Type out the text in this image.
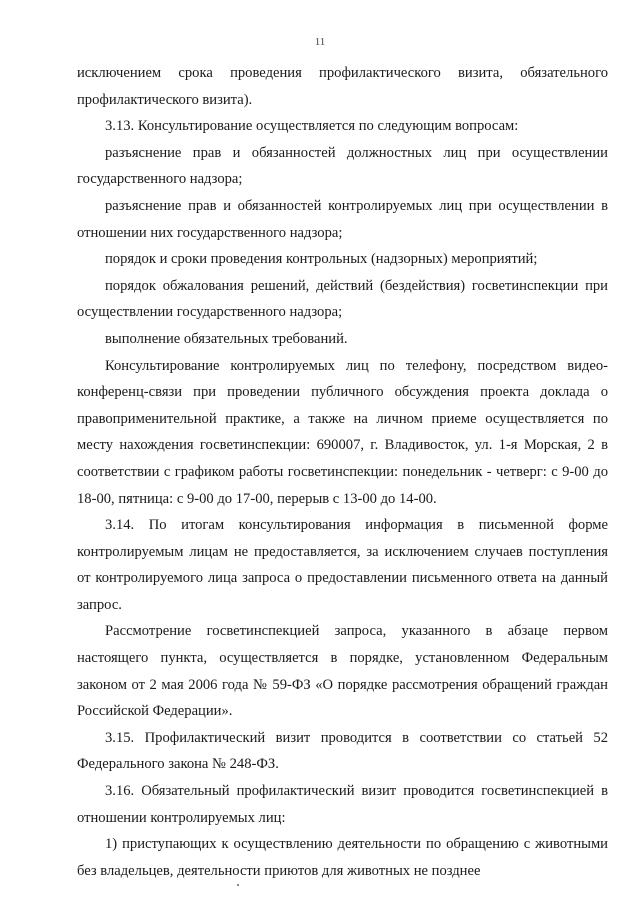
11

исключением срока проведения профилактического визита, обязательного профилактического визита).

3.13. Консультирование осуществляется по следующим вопросам:

разъяснение прав и обязанностей должностных лиц при осуществлении государственного надзора;

разъяснение прав и обязанностей контролируемых лиц при осуществлении в отношении них государственного надзора;

порядок и сроки проведения контрольных (надзорных) мероприятий;

порядок обжалования решений, действий (бездействия) госветинспекции при осуществлении государственного надзора;

выполнение обязательных требований.

Консультирование контролируемых лиц по телефону, посредством видео-конференц-связи при проведении публичного обсуждения проекта доклада о правоприменительной практике, а также на личном приеме осуществляется по месту нахождения госветинспекции: 690007, г. Владивосток, ул. 1-я Морская, 2 в соответствии с графиком работы госветинспекции: понедельник - четверг: с 9-00 до 18-00, пятница: с 9-00 до 17-00, перерыв с 13-00 до 14-00.

3.14. По итогам консультирования информация в письменной форме контролируемым лицам не предоставляется, за исключением случаев поступления от контролируемого лица запроса о предоставлении письменного ответа на данный запрос.

Рассмотрение госветинспекцией запроса, указанного в абзаце первом настоящего пункта, осуществляется в порядке, установленном Федеральным законом от 2 мая 2006 года № 59-ФЗ «О порядке рассмотрения обращений граждан Российской Федерации».

3.15. Профилактический визит проводится в соответствии со статьей 52 Федерального закона № 248-ФЗ.

3.16. Обязательный профилактический визит проводится госветинспекцией в отношении контролируемых лиц:

1) приступающих к осуществлению деятельности по обращению с животными без владельцев, деятельности приютов для животных не позднее
